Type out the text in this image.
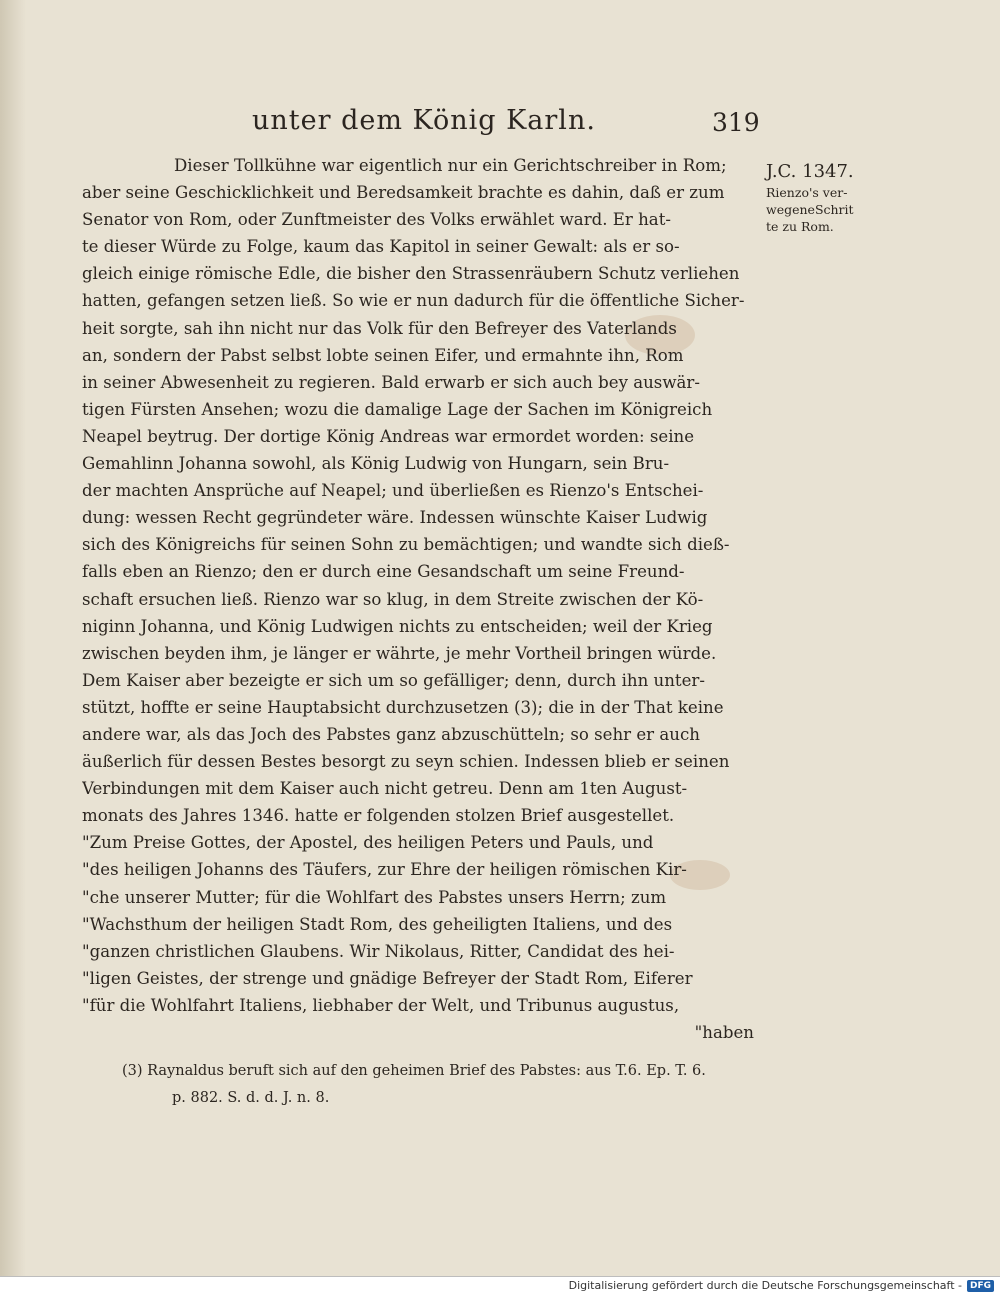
unter dem König Karln.	319
Dieser Tollkühne war eigentlich nur ein Gerichtschreiber in Rom;
aber seine Geschicklichkeit und Beredsamkeit brachte es dahin, daß er zum
Senator von Rom, oder Zunftmeister des Volks erwählet ward. Er hat-
te dieser Würde zu Folge, kaum das Kapitol in seiner Gewalt: als er so-
gleich einige römische Edle, die bisher den Strassenräubern Schutz verliehen
hatten, gefangen setzen ließ. So wie er nun dadurch für die öffentliche Sicher-
heit sorgte, sah ihn nicht nur das Volk für den Befreyer des Vaterlands
an, sondern der Pabst selbst lobte seinen Eifer, und ermahnte ihn, Rom
in seiner Abwesenheit zu regieren. Bald erwarb er sich auch bey auswär-
tigen Fürsten Ansehen; wozu die damalige Lage der Sachen im Königreich
Neapel beytrug. Der dortige König Andreas war ermordet worden: seine
Gemahlinn Johanna sowohl, als König Ludwig von Hungarn, sein Bru-
der machten Ansprüche auf Neapel; und überließen es Rienzo's Entschei-
dung: wessen Recht gegründeter wäre. Indessen wünschte Kaiser Ludwig
sich des Königreichs für seinen Sohn zu bemächtigen; und wandte sich dieß-
falls eben an Rienzo; den er durch eine Gesandschaft um seine Freund-
schaft ersuchen ließ. Rienzo war so klug, in dem Streite zwischen der Kö-
niginn Johanna, und König Ludwigen nichts zu entscheiden; weil der Krieg
zwischen beyden ihm, je länger er währte, je mehr Vortheil bringen würde.
Dem Kaiser aber bezeigte er sich um so gefälliger; denn, durch ihn unter-
stützt, hoffte er seine Hauptabsicht durchzusetzen (3); die in der That keine
andere war, als das Joch des Pabstes ganz abzuschütteln; so sehr er auch
äußerlich für dessen Bestes besorgt zu seyn schien. Indessen blieb er seinen
Verbindungen mit dem Kaiser auch nicht getreu. Denn am 1ten August-
monats des Jahres 1346. hatte er folgenden stolzen Brief ausgestellet.
"Zum Preise Gottes, der Apostel, des heiligen Peters und Pauls, und
"des heiligen Johanns des Täufers, zur Ehre der heiligen römischen Kir-
"che unserer Mutter; für die Wohlfart des Pabstes unsers Herrn; zum
"Wachsthum der heiligen Stadt Rom, des geheiligten Italiens, und des
"ganzen christlichen Glaubens. Wir Nikolaus, Ritter, Candidat des hei-
"ligen Geistes, der strenge und gnädige Befreyer der Stadt Rom, Eiferer
"für die Wohlfahrt Italiens, liebhaber der Welt, und Tribunus augustus,
"haben
J.C. 1347.
Rienzo's ver-
wegeneSchrit
te zu Rom.
(3) Raynaldus beruft sich auf den geheimen Brief des Pabstes: aus T.6. Ep. T. 6.
p. 882. S. d. d. J. n. 8.
Digitalisierung gefördert durch die Deutsche Forschungsgemeinschaft - DFG
